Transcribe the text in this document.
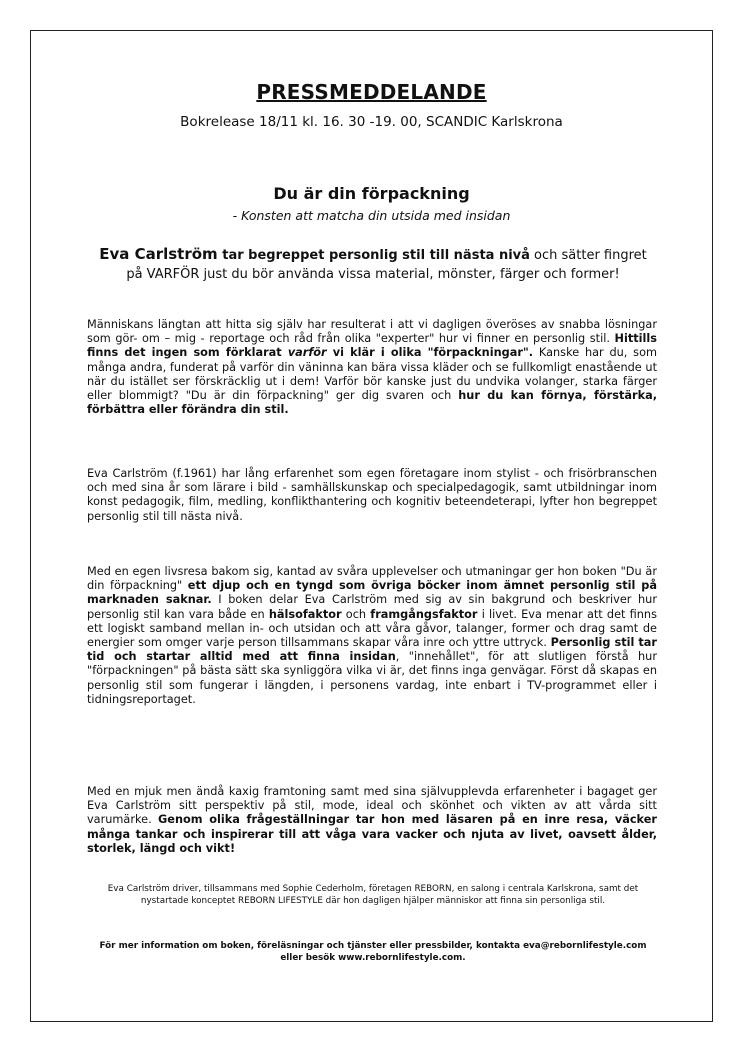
PRESSMEDDELANDE
Bokrelease 18/11 kl. 16. 30 -19. 00, SCANDIC Karlskrona
Du är din förpackning
- Konsten att matcha din utsida med insidan
Eva Carlström tar begreppet personlig stil till nästa nivå och sätter fingret
på VARFÖR just du bör använda vissa material, mönster, färger och former!

Människans längtan att hitta sig själv har resulterat i att vi dagligen överöses av snabba lösningar som gör- om – mig - reportage och råd från olika "experter" hur vi finner en personlig stil. Hittills finns det ingen som förklarat varför vi klär i olika "förpackningar". Kanske har du, som många andra, funderat på varför din väninna kan bära vissa kläder och se fullkomligt enastående ut när du istället ser förskräcklig ut i dem! Varför bör kanske just du undvika volanger, starka färger eller blommigt? "Du är din förpackning" ger dig svaren och hur du kan förnya, förstärka, förbättra eller förändra din stil.

Eva Carlström (f.1961) har lång erfarenhet som egen företagare inom stylist - och frisörbranschen och med sina år som lärare i bild - samhällskunskap och specialpedagogik, samt utbildningar inom konst pedagogik, film, medling, konflikthantering och kognitiv beteendeterapi, lyfter hon begreppet personlig stil till nästa nivå.

Med en egen livsresa bakom sig, kantad av svåra upplevelser och utmaningar ger hon boken "Du är din förpackning" ett djup och en tyngd som övriga böcker inom ämnet personlig stil på marknaden saknar. I boken delar Eva Carlström med sig av sin bakgrund och beskriver hur personlig stil kan vara både en hälsofaktor och framgångsfaktor i livet. Eva menar att det finns ett logiskt samband mellan in- och utsidan och att våra gåvor, talanger, former och drag samt de energier som omger varje person tillsammans skapar våra inre och yttre uttryck. Personlig stil tar tid och startar alltid med att finna insidan, "innehållet", för att slutligen förstå hur "förpackningen" på bästa sätt ska synliggöra vilka vi är, det finns inga genvägar. Först då skapas en personlig stil som fungerar i längden, i personens vardag, inte enbart i TV-programmet eller i tidningsreportaget.

Med en mjuk men ändå kaxig framtoning samt med sina självupplevda erfarenheter i bagaget ger Eva Carlström sitt perspektiv på stil, mode, ideal och skönhet och vikten av att vårda sitt varumärke. Genom olika frågeställningar tar hon med läsaren på en inre resa, väcker många tankar och inspirerar till att våga vara vacker och njuta av livet, oavsett ålder, storlek, längd och vikt!

Eva Carlström driver, tillsammans med Sophie Cederholm, företagen REBORN, en salong i centrala Karlskrona, samt det nystartade konceptet REBORN LIFESTYLE där hon dagligen hjälper människor att finna sin personliga stil.
För mer information om boken, föreläsningar och tjänster eller pressbilder, kontakta eva@rebornlifestyle.com eller besök www.rebornlifestyle.com.
